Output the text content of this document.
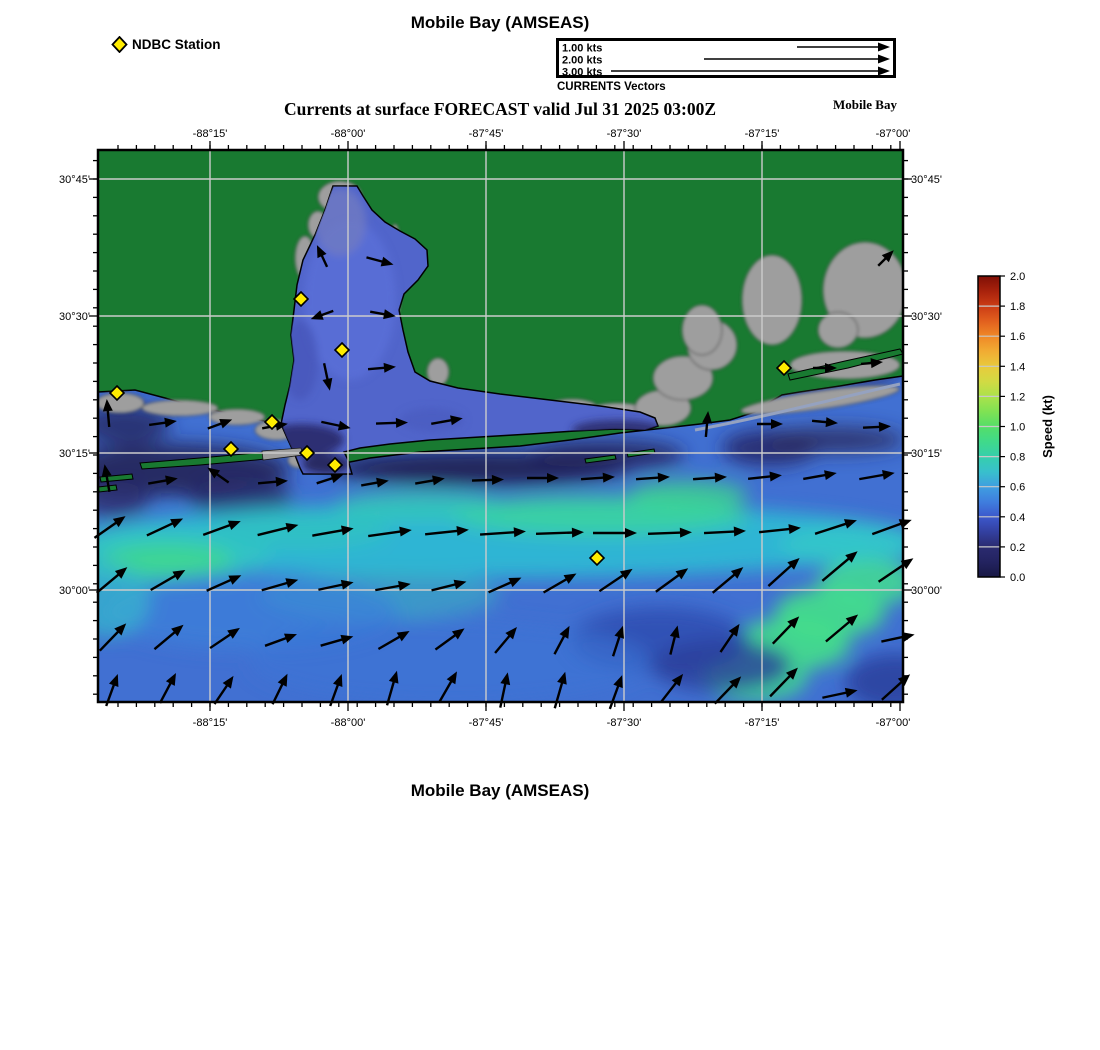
-88°15'
-88°15'
-88°00'
-88°00'
-87°45'
-87°45'
-87°30'
-87°30'
-87°15'
-87°15'
-87°00'
-87°00'
30°45'	30°45'
30°30'	30°30'
30°15'	30°15'
30°00'	30°00'
0.0
0.2
0.4
0.6
0.8
1.0
1.2
1.4
1.6
1.8
2.0
Speed (kt)
Mobile Bay (AMSEAS)
NDBC Station	1.00 kts
2.00 kts
3.00 kts
CURRENTS Vectors
Currents at surface FORECAST valid Jul 31 2025 03:00Z	Mobile Bay
Mobile Bay (AMSEAS)
